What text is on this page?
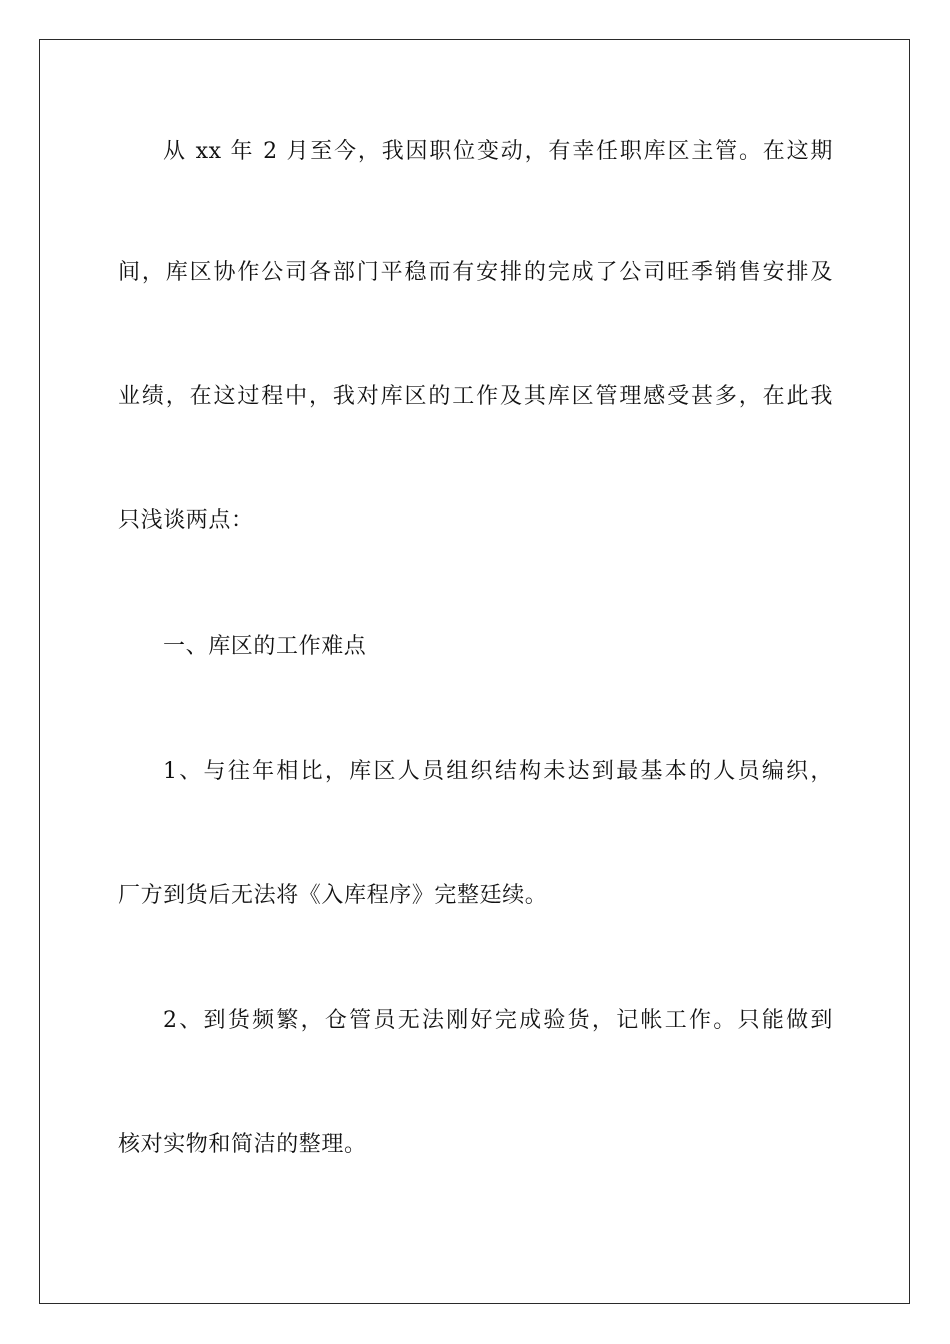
从 xx 年 2 月至今，我因职位变动，有幸任职库区主管。在这期
间，库区协作公司各部门平稳而有安排的完成了公司旺季销售安排及
业绩，在这过程中，我对库区的工作及其库区管理感受甚多，在此我
只浅谈两点：
一、库区的工作难点
1、与往年相比，库区人员组织结构未达到最基本的人员编织，
厂方到货后无法将《入库程序》完整廷续。
2、到货频繁，仓管员无法刚好完成验货，记帐工作。只能做到
核对实物和简洁的整理。
